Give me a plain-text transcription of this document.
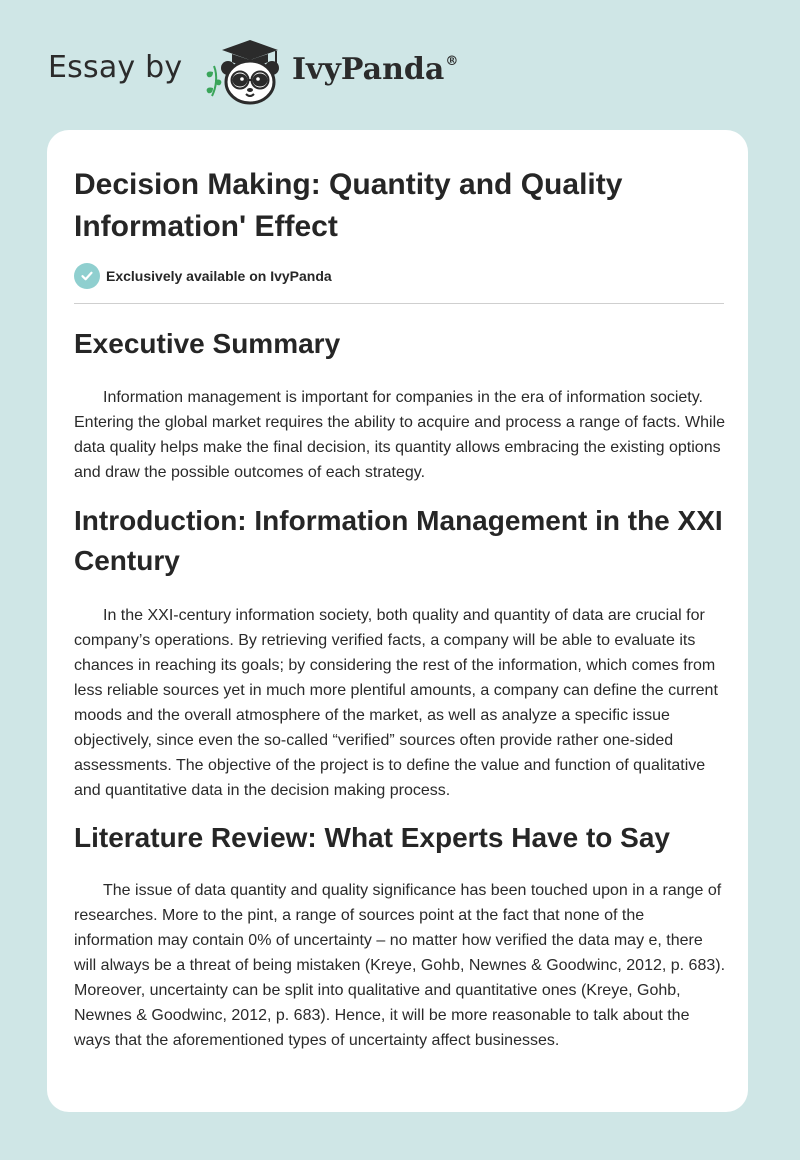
Essay by	IvyPanda®
Decision Making: Quantity and Quality Information' Effect
Exclusively available on IvyPanda
Executive Summary

Information management is important for companies in the era of information society. Entering the global market requires the ability to acquire and process a range of facts. While data quality helps make the final decision, its quantity allows embracing the existing options and draw the possible outcomes of each strategy.

Introduction: Information Management in the XXI Century

In the XXI-century information society, both quality and quantity of data are crucial for company’s operations. By retrieving verified facts, a company will be able to evaluate its chances in reaching its goals; by considering the rest of the information, which comes from less reliable sources yet in much more plentiful amounts, a company can define the current moods and the overall atmosphere of the market, as well as analyze a specific issue objectively, since even the so-called “verified” sources often provide rather one-sided assessments. The objective of the project is to define the value and function of qualitative and quantitative data in the decision making process.

Literature Review: What Experts Have to Say

The issue of data quantity and quality significance has been touched upon in a range of researches. More to the pint, a range of sources point at the fact that none of the information may contain 0% of uncertainty – no matter how verified the data may e, there will always be a threat of being mistaken (Kreye, Gohb, Newnes & Goodwinc, 2012, p. 683). Moreover, uncertainty can be split into qualitative and quantitative ones (Kreye, Gohb, Newnes & Goodwinc, 2012, p. 683). Hence, it will be more reasonable to talk about the ways that the aforementioned types of uncertainty affect businesses.
